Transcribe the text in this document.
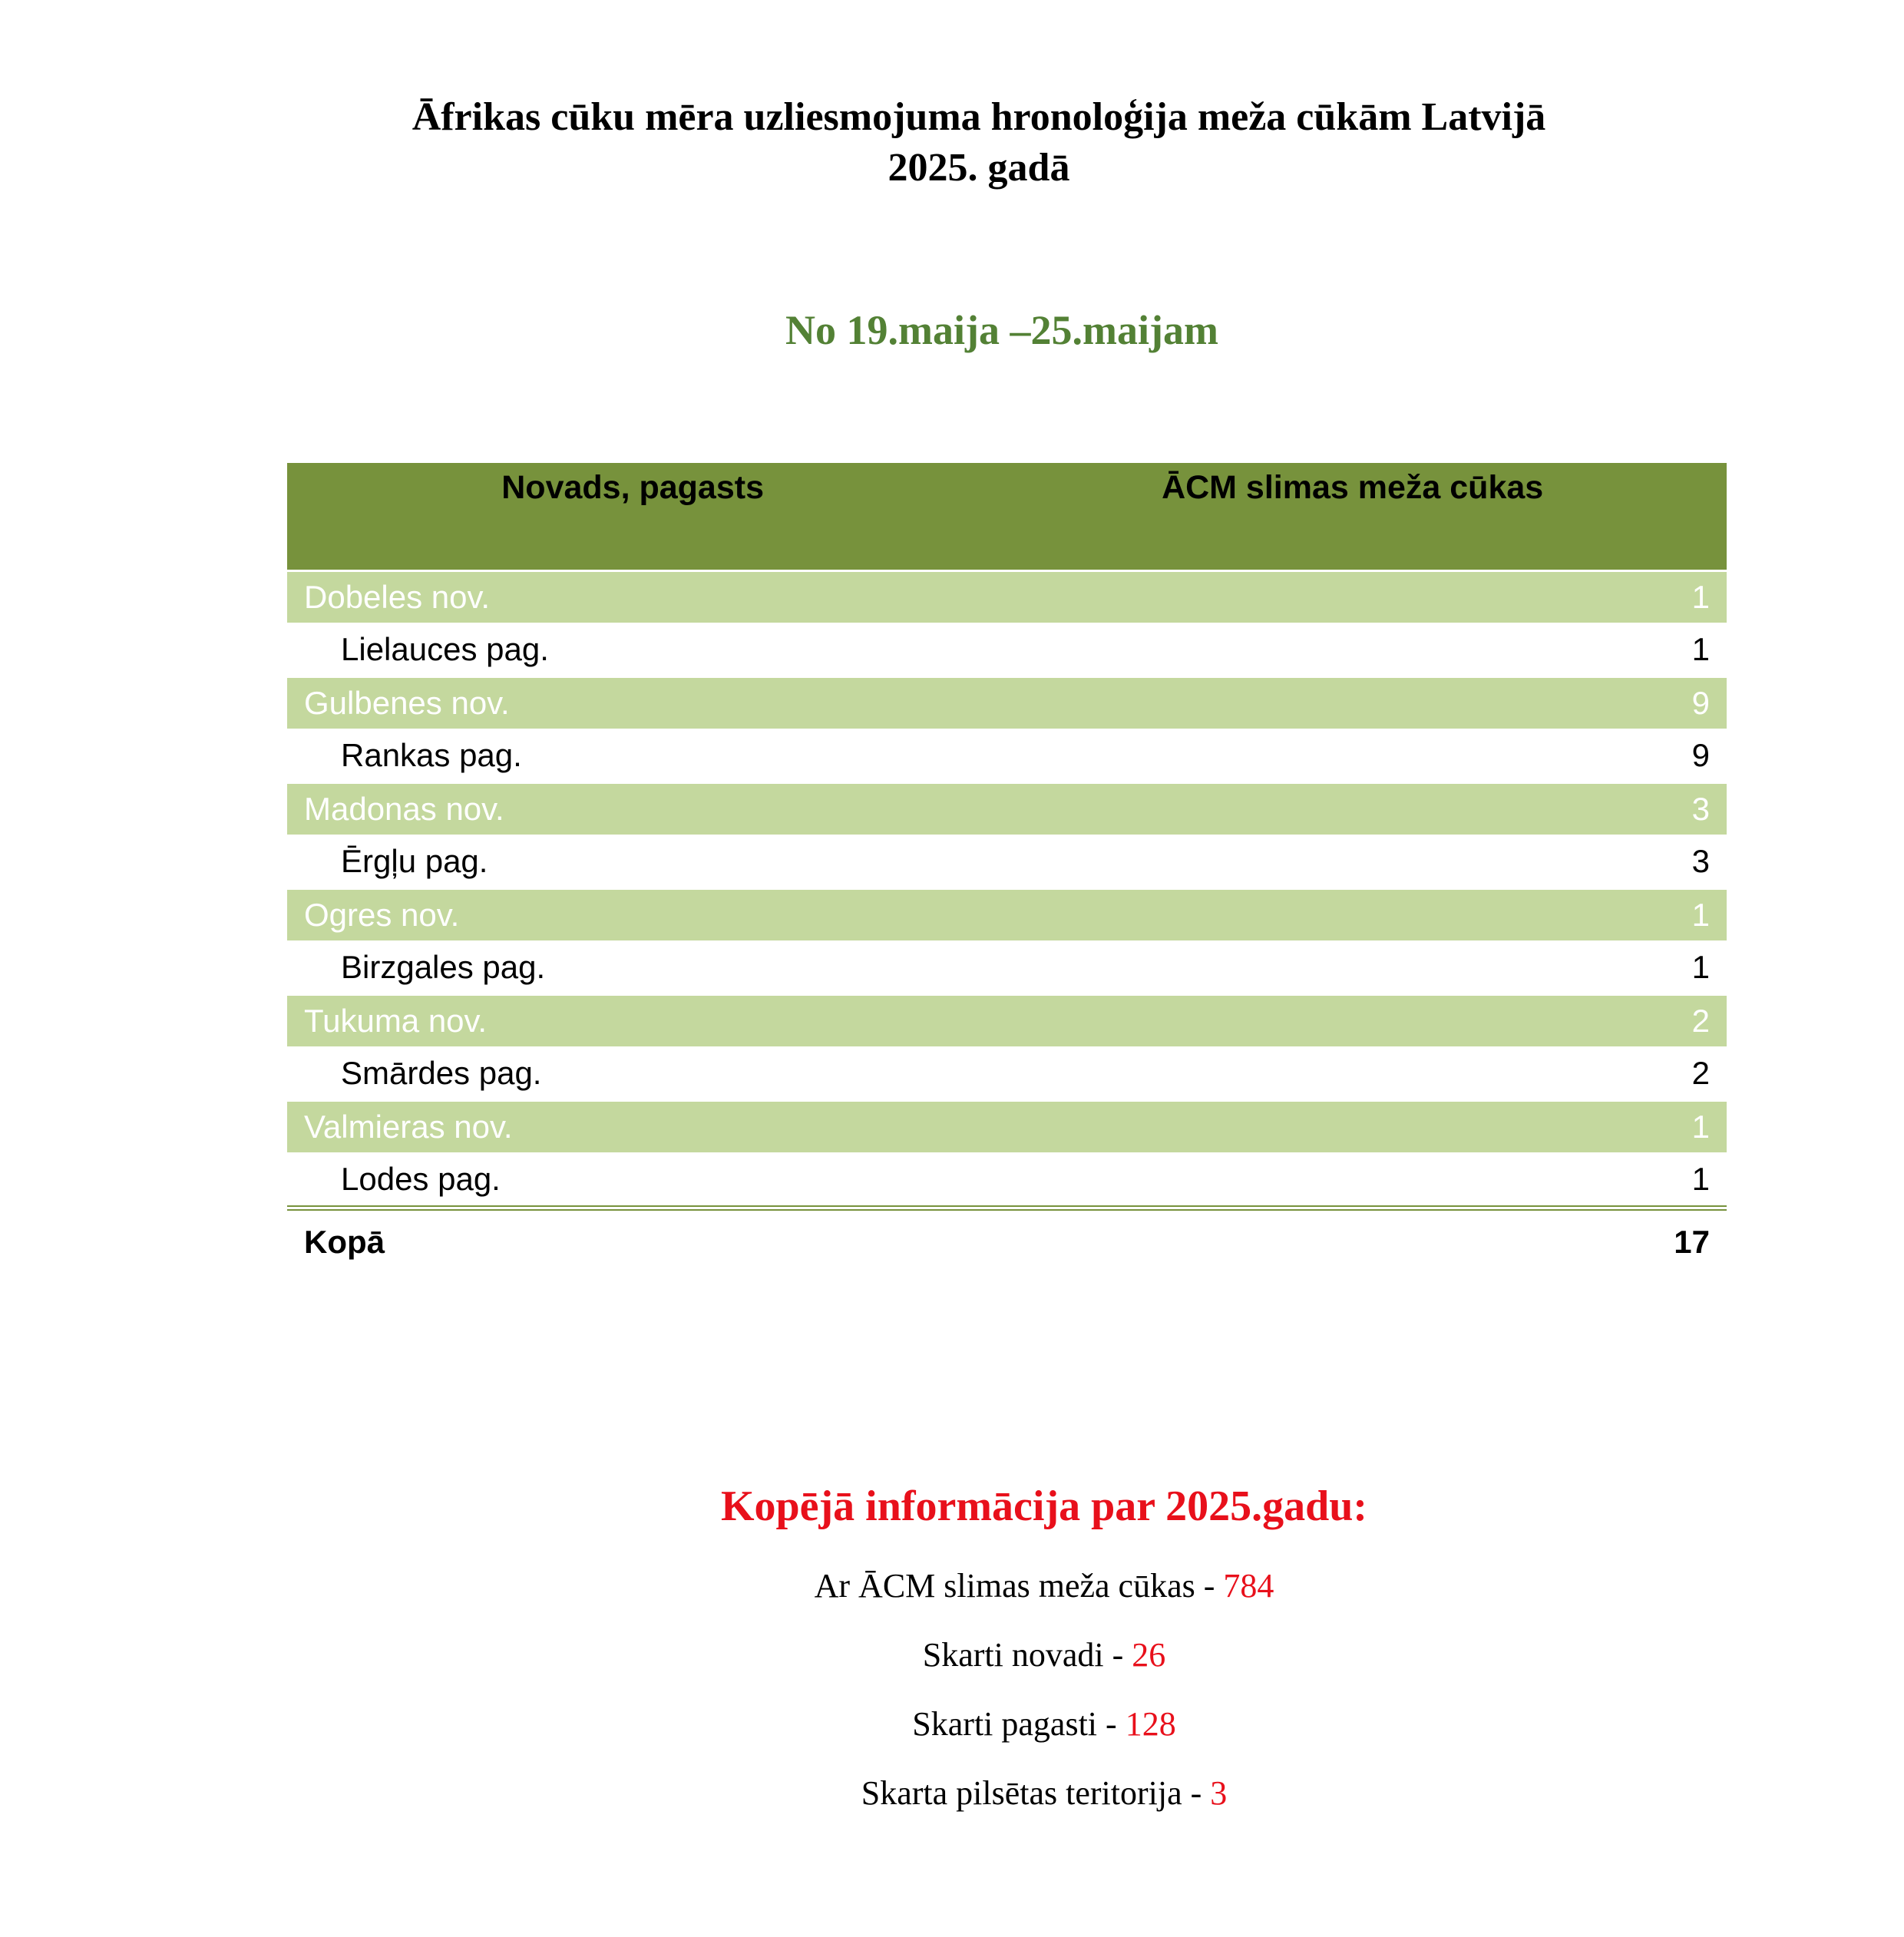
Āfrikas cūku mēra uzliesmojuma hronoloģija meža cūkām Latvijā
2025. gadā
No 19.maija –25.maijam
Novads, pagasts	ĀCM slimas meža cūkas
Dobeles nov.	1
Lielauces pag.	1
Gulbenes nov.	9
Rankas pag.	9
Madonas nov.	3
Ērgļu pag.	3
Ogres nov.	1
Birzgales pag.	1
Tukuma nov.	2
Smārdes pag.	2
Valmieras nov.	1
Lodes pag.	1
Kopā	17
Kopējā informācija par 2025.gadu:
Ar ĀCM slimas meža cūkas - 784
Skarti novadi - 26
Skarti pagasti - 128
Skarta pilsētas teritorija - 3
